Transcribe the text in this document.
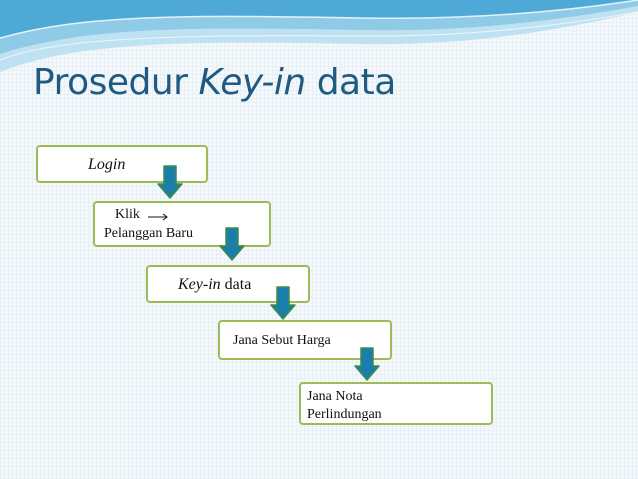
Prosedur Key-in data
Login
Klik
Pelanggan Baru
Key-in data
Jana Sebut Harga
Jana Nota
Perlindungan
